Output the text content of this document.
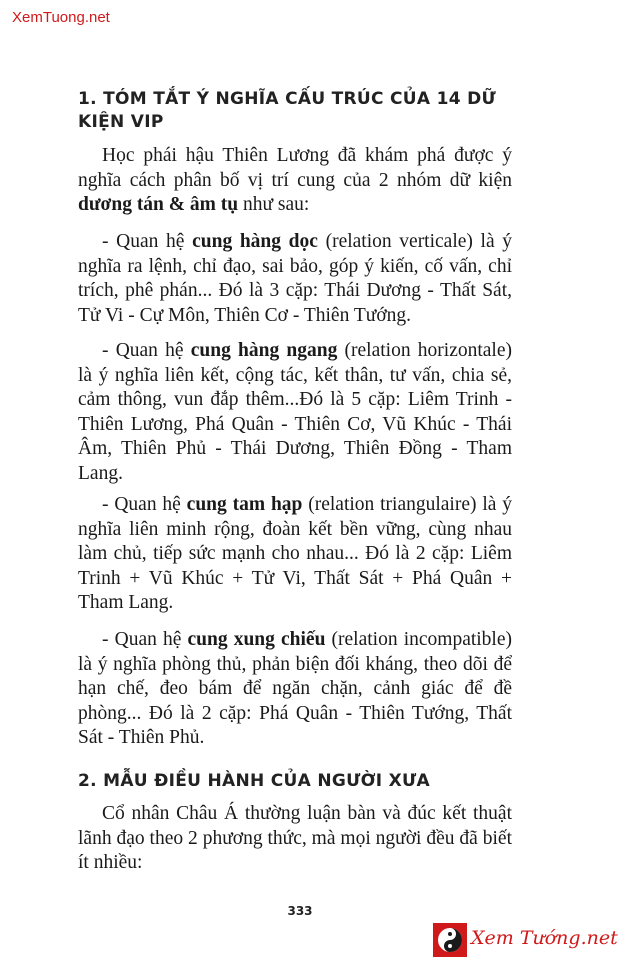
XemTuong.net
1. TÓM TẮT Ý NGHĨA CẤU TRÚC CỦA 14 DỮ KIỆN VIP
Học phái hậu Thiên Lương đã khám phá được ý nghĩa cách phân bố vị trí cung của 2 nhóm dữ kiện dương tán & âm tụ như sau:
- Quan hệ cung hàng dọc (relation verticale) là ý nghĩa ra lệnh, chỉ đạo, sai bảo, góp ý kiến, cố vấn, chỉ trích, phê phán... Đó là 3 cặp: Thái Dương - Thất Sát, Tử Vi - Cự Môn, Thiên Cơ - Thiên Tướng.
- Quan hệ cung hàng ngang (relation horizontale) là ý nghĩa liên kết, cộng tác, kết thân, tư vấn, chia sẻ, cảm thông, vun đắp thêm...Đó là 5 cặp: Liêm Trinh - Thiên Lương, Phá Quân - Thiên Cơ, Vũ Khúc - Thái Âm, Thiên Phủ - Thái Dương, Thiên Đồng - Tham Lang.
- Quan hệ cung tam hạp (relation triangulaire) là ý nghĩa liên minh rộng, đoàn kết bền vững, cùng nhau làm chủ, tiếp sức mạnh cho nhau... Đó là 2 cặp: Liêm Trinh + Vũ Khúc + Tử Vi, Thất Sát + Phá Quân + Tham Lang.
- Quan hệ cung xung chiếu (relation incompatible) là ý nghĩa phòng thủ, phản biện đối kháng, theo dõi để hạn chế, đeo bám để ngăn chặn, cảnh giác để đề phòng... Đó là 2 cặp: Phá Quân - Thiên Tướng, Thất Sát - Thiên Phủ.
2. MẪU ĐIỀU HÀNH CỦA NGƯỜI XƯA
Cổ nhân Châu Á thường luận bàn và đúc kết thuật lãnh đạo theo 2 phương thức, mà mọi người đều đã biết ít nhiều:
333
Xem Tướng.net
